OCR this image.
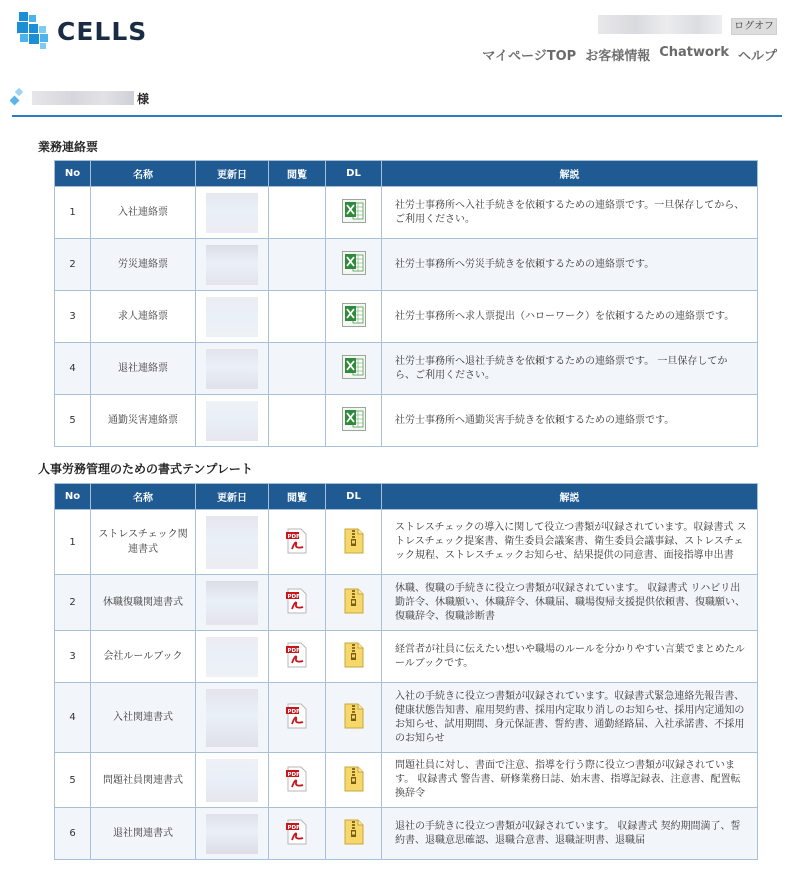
CELLS	ログオフ
マイページTOP お客様情報 Chatwork ヘルプ
様
業務連絡票
No	名称	更新日	閲覧	DL	解説
1	入社連絡票				社労士事務所へ入社手続きを依頼するための連絡票です。一旦保存してから、ご利用ください。
2	労災連絡票				社労士事務所へ労災手続きを依頼するための連絡票です。
3	求人連絡票				社労士事務所へ求人票提出（ハローワーク）を依頼するための連絡票です。
4	退社連絡票				社労士事務所へ退社手続きを依頼するための連絡票です。 一旦保存してから、ご利用ください。
5	通勤災害連絡票				社労士事務所へ通勤災害手続きを依頼するための連絡票です。
人事労務管理のための書式テンプレート
No	名称	更新日	閲覧	DL	解説
1	ストレスチェック関連書式		PDF		ストレスチェックの導入に関して役立つ書類が収録されています。収録書式 ストレスチェック提案書、衛生委員会議案書、衛生委員会議事録、ストレスチェック規程、ストレスチェックお知らせ、結果提供の同意書、面接指導申出書
2	休職復職関連書式		PDF		休職、復職の手続きに役立つ書類が収録されています。 収録書式 リハビリ出勤許令、休職願い、休職辞令、休職届、職場復帰支援提供依頼書、復職願い、復職辞令、復職診断書
3	会社ルールブック		PDF		経営者が社員に伝えたい想いや職場のルールを分かりやすい言葉でまとめたルールブックです。
4	入社関連書式		PDF		入社の手続きに役立つ書類が収録されています。収録書式緊急連絡先報告書、健康状態告知書、雇用契約書、採用内定取り消しのお知らせ、採用内定通知のお知らせ、試用期間、身元保証書、誓約書、通勤経路届、入社承諾書、不採用のお知らせ
5	問題社員関連書式		PDF		問題社員に対し、書面で注意、指導を行う際に役立つ書類が収録されています。 収録書式 警告書、研修業務日誌、始末書、指導記録表、注意書、配置転換辞令
6	退社関連書式		PDF		退社の手続きに役立つ書類が収録されています。 収録書式 契約期間満了、誓約書、退職意思確認、退職合意書、退職証明書、退職届
